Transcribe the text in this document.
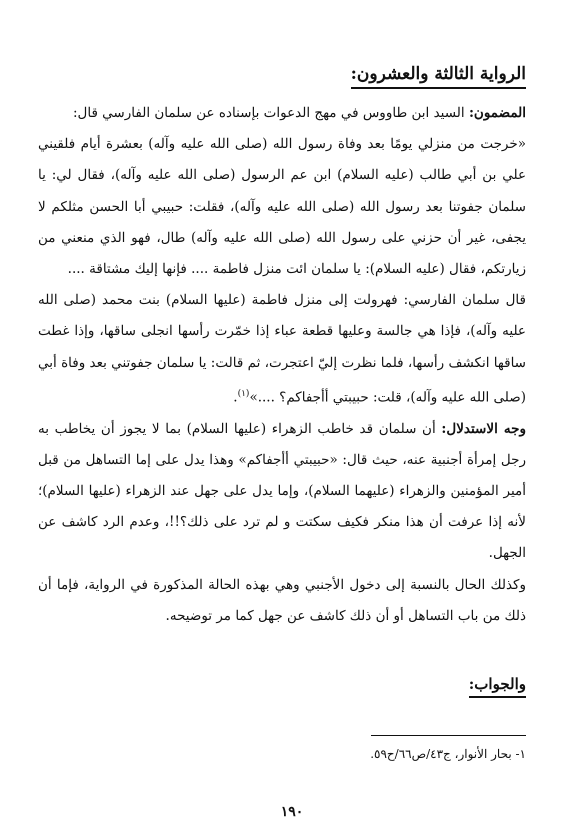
الرواية الثالثة والعشرون:

المضمون: السيد ابن طاووس في مهج الدعوات بإسناده عن سلمان الفارسي قال:

«خرجت من منزلي يومًا بعد وفاة رسول الله (صلى الله عليه وآله) بعشرة أيام فلقيني علي بن أبي طالب (عليه السلام) ابن عم الرسول (صلى الله عليه وآله)، فقال لي: يا سلمان جفوتنا بعد رسول الله (صلى الله عليه وآله)، فقلت: حبيبي أبا الحسن مثلكم لا يجفى، غير أن حزني على رسول الله (صلى الله عليه وآله) طال، فهو الذي منعني من زيارتكم، فقال (عليه السلام): يا سلمان ائت منزل فاطمة .... فإنها إليك مشتاقة ....

قال سلمان الفارسي: فهرولت إلى منزل فاطمة (عليها السلام) بنت محمد (صلى الله عليه وآله)، فإذا هي جالسة وعليها قطعة عباء إذا خمّرت رأسها انجلى ساقها، وإذا غطت ساقها انكشف رأسها، فلما نظرت إليّ اعتجرت، ثم قالت: يا سلمان جفوتني بعد وفاة أبي (صلى الله عليه وآله)، قلت: حبيبتي أأجفاكم؟ ....»$^{(١)}$.

وجه الاستدلال: أن سلمان قد خاطب الزهراء (عليها السلام) بما لا يجوز أن يخاطب به رجل إمرأة أجنبية عنه، حيث قال: «حبيبتي أأجفاكم» وهذا يدل على إما التساهل من قبل أمير المؤمنين والزهراء (عليهما السلام)، وإما يدل على جهل عند الزهراء (عليها السلام)؛ لأنه إذا عرفت أن هذا منكر فكيف سكتت و لم ترد على ذلك؟!!، وعدم الرد كاشف عن الجهل.

وكذلك الحال بالنسبة إلى دخول الأجنبي وهي بهذه الحالة المذكورة في الرواية، فإما أن ذلك من باب التساهل أو أن ذلك كاشف عن جهل كما مر توضيحه.

والجواب:
١- بحار الأنوار، ج٤٣/ص٦٦/ح٥٩.
١٩٠
